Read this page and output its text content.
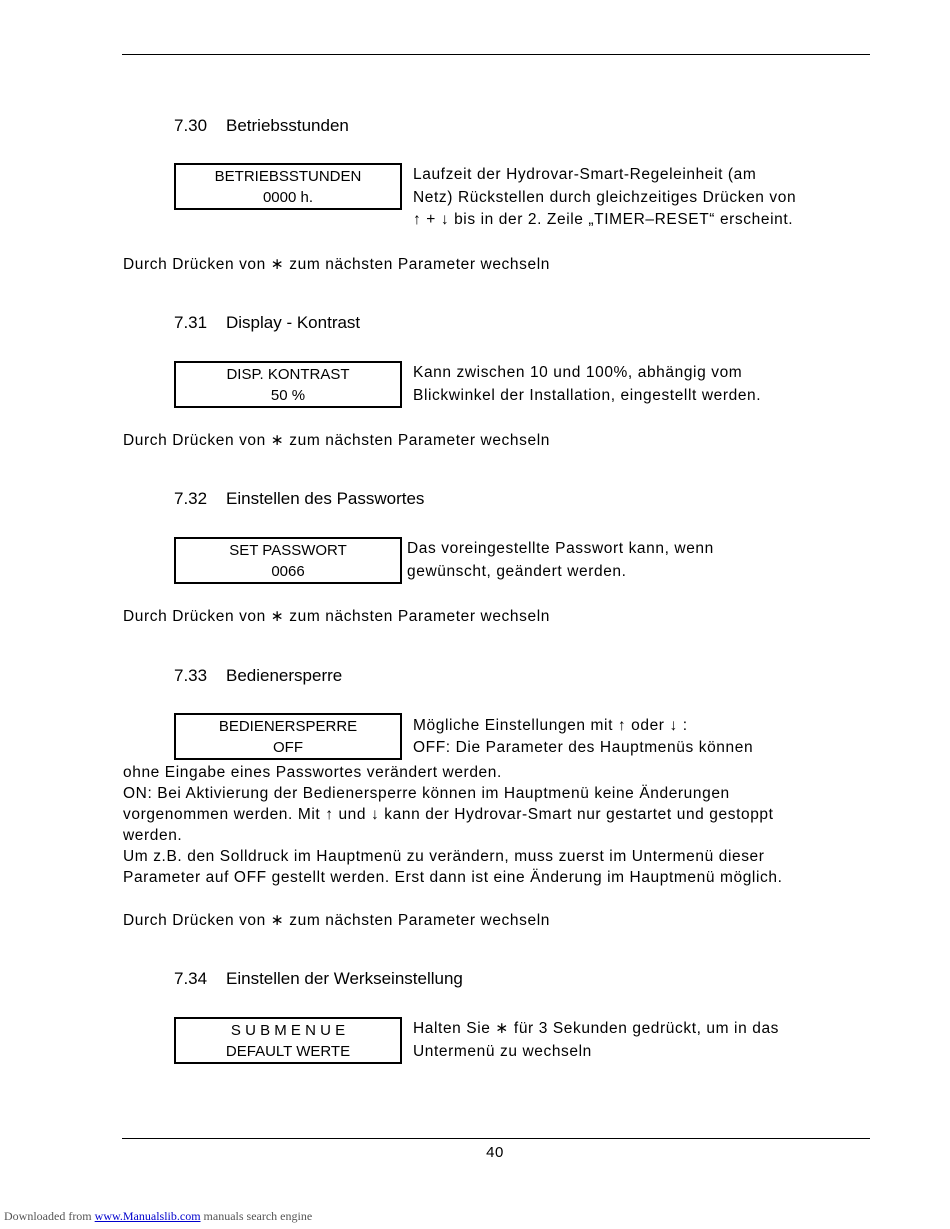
7.30 Betriebsstunden
BETRIEBSSTUNDEN
0000 h.
Laufzeit der Hydrovar-Smart-Regeleinheit (am
Netz) Rückstellen durch gleichzeitiges Drücken von
↑ + ↓ bis in der 2. Zeile „TIMER–RESET“ erscheint.
Durch Drücken von ∗ zum nächsten Parameter wechseln
7.31 Display - Kontrast
DISP. KONTRAST
50 %
Kann zwischen 10 und 100%, abhängig vom
Blickwinkel der Installation, eingestellt werden.
Durch Drücken von ∗ zum nächsten Parameter wechseln
7.32 Einstellen des Passwortes
SET PASSWORT
0066
Das voreingestellte Passwort kann, wenn
gewünscht, geändert werden.
Durch Drücken von ∗ zum nächsten Parameter wechseln
7.33 Bedienersperre
BEDIENERSPERRE
OFF
Mögliche Einstellungen mit ↑ oder ↓ :
OFF: Die Parameter des Hauptmenüs können
ohne Eingabe eines Passwortes verändert werden.
ON: Bei Aktivierung der Bedienersperre können im Hauptmenü keine Änderungen
vorgenommen werden. Mit ↑ und ↓ kann der Hydrovar-Smart nur gestartet und gestoppt
werden.
Um z.B. den Solldruck im Hauptmenü zu verändern, muss zuerst im Untermenü dieser
Parameter auf OFF gestellt werden. Erst dann ist eine Änderung im Hauptmenü möglich.
Durch Drücken von ∗ zum nächsten Parameter wechseln
7.34 Einstellen der Werkseinstellung
S U B M E N U E
DEFAULT WERTE
Halten Sie ∗ für 3 Sekunden gedrückt, um in das
Untermenü zu wechseln
40
Downloaded from www.Manualslib.com manuals search engine
